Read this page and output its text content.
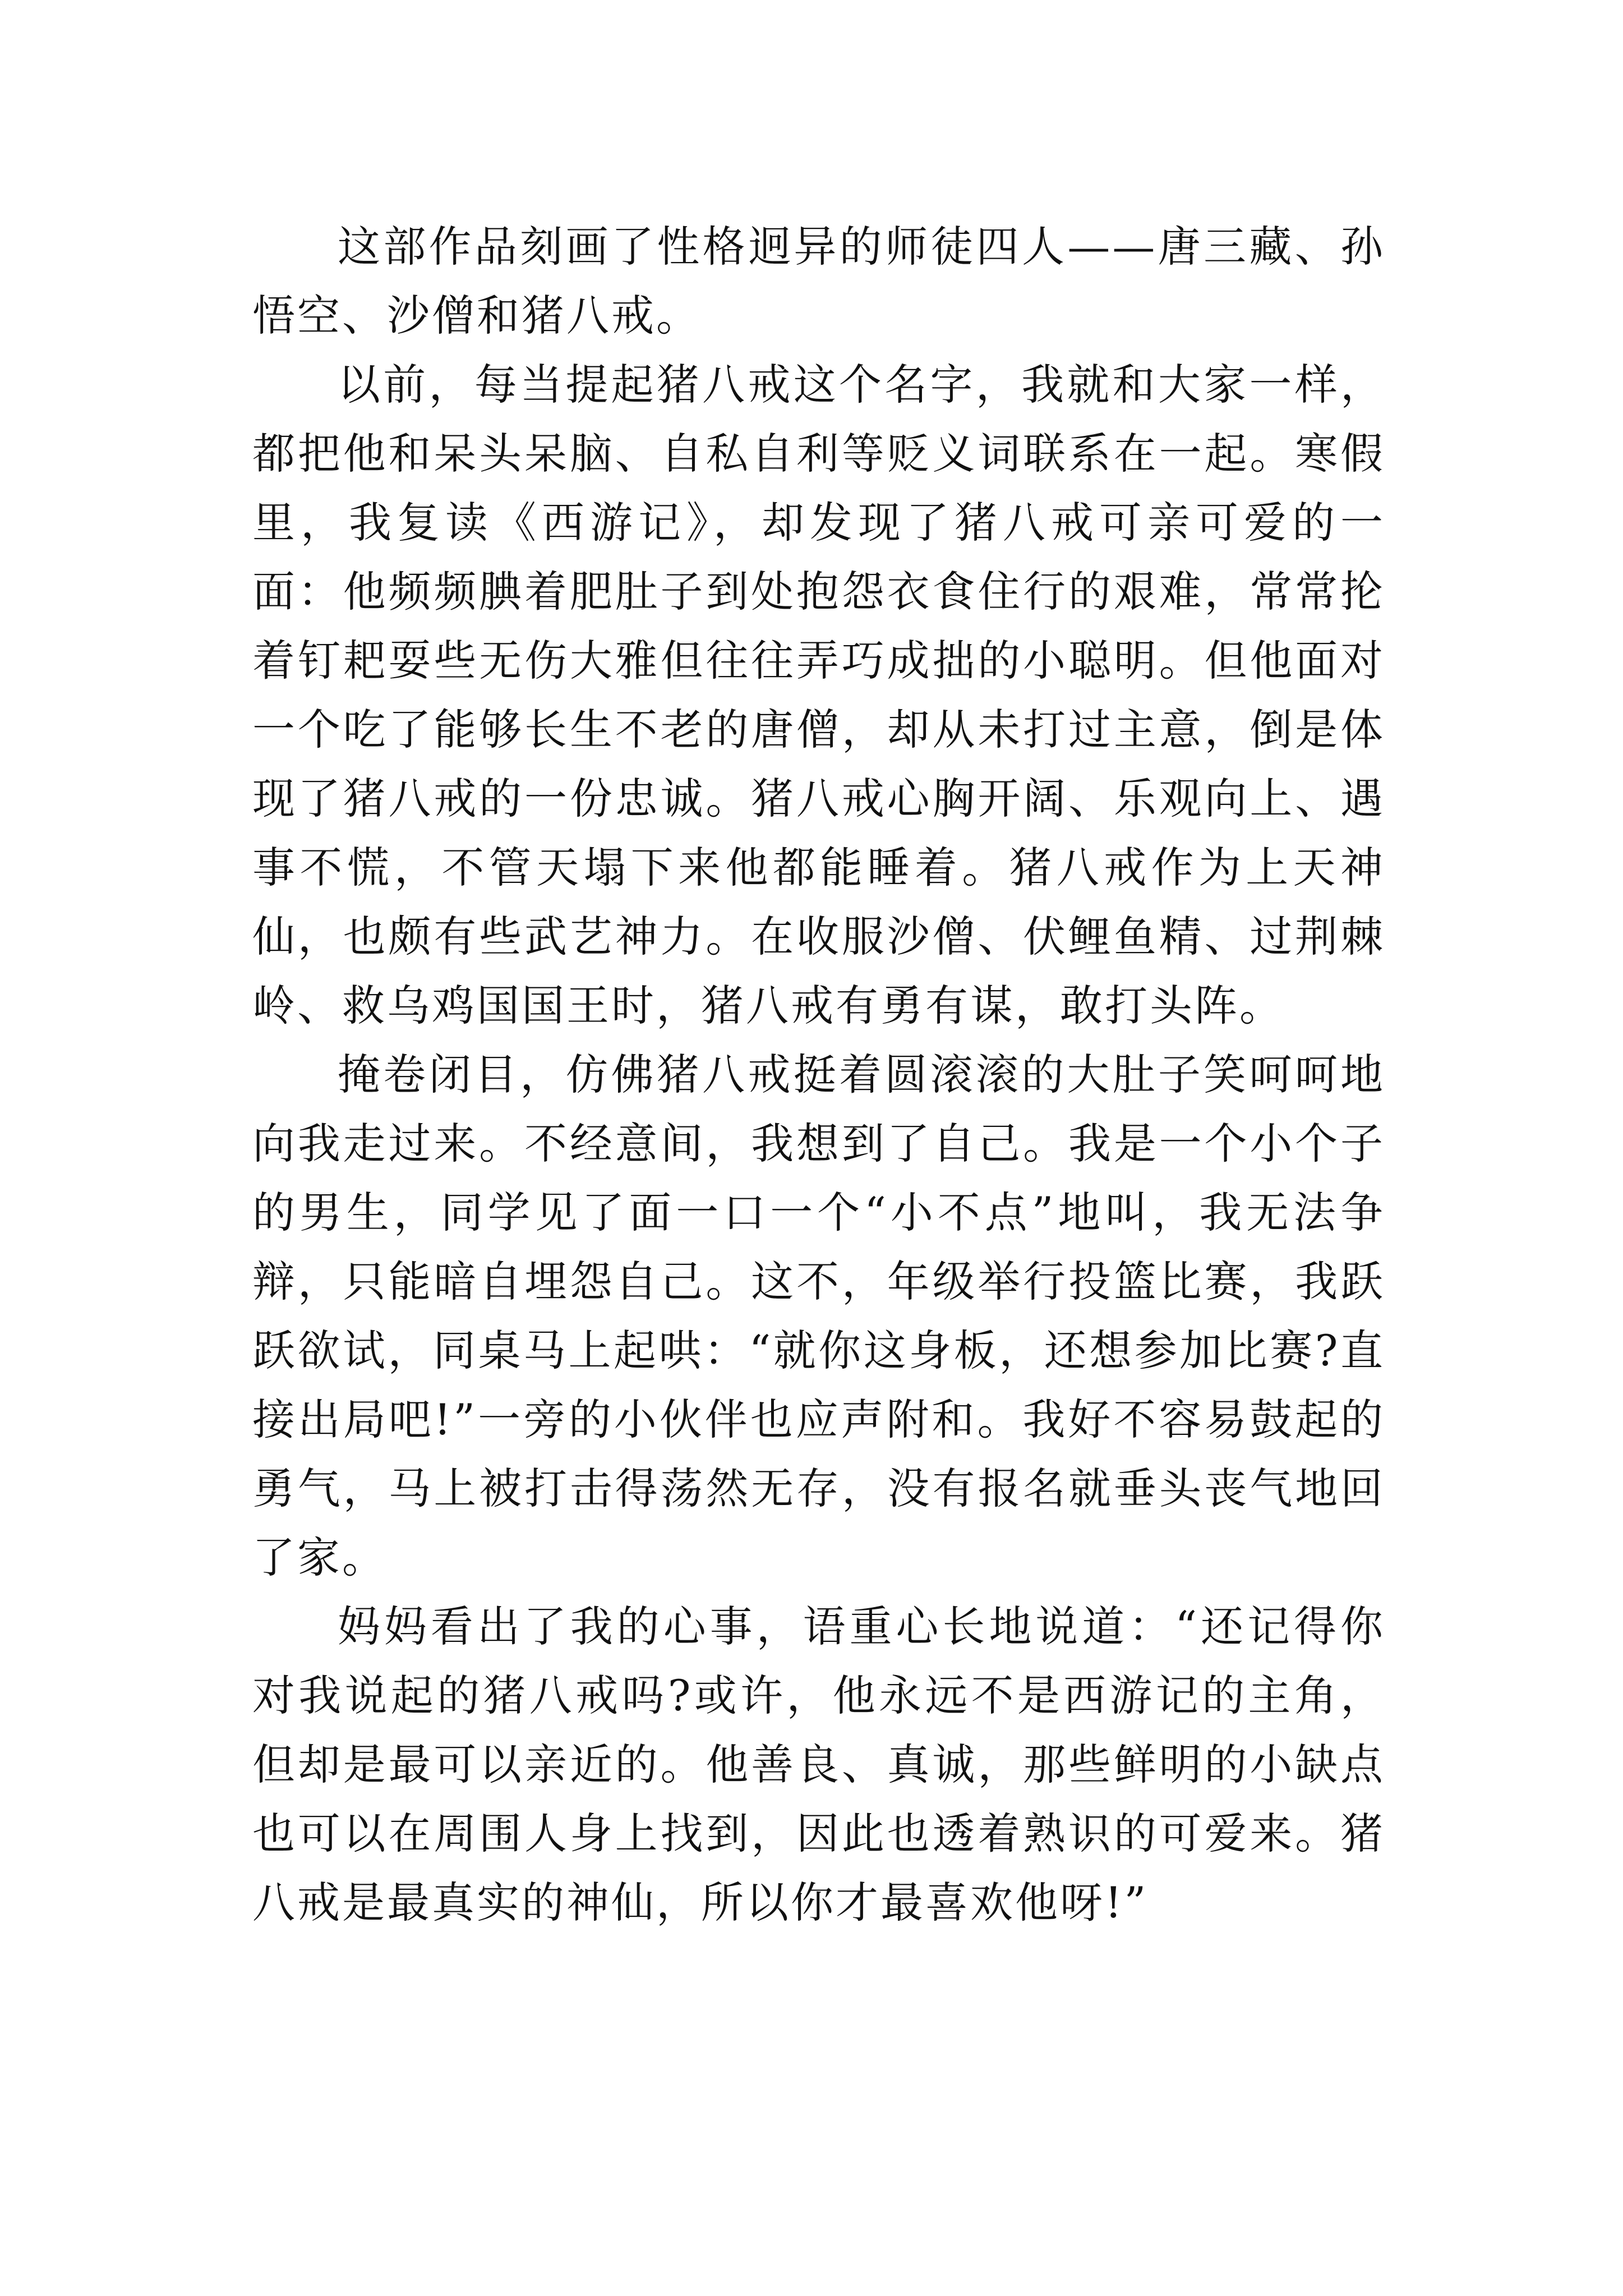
这部作品刻画了性格迥异的师徒四人——唐三藏、孙悟空、沙僧和猪八戒。

以前，每当提起猪八戒这个名字，我就和大家一样，都把他和呆头呆脑、自私自利等贬义词联系在一起。寒假里，我复读《西游记》，却发现了猪八戒可亲可爱的一面：他频频腆着肥肚子到处抱怨衣食住行的艰难，常常抡着钉耙耍些无伤大雅但往往弄巧成拙的小聪明。但他面对一个吃了能够长生不老的唐僧，却从未打过主意，倒是体现了猪八戒的一份忠诚。猪八戒心胸开阔、乐观向上、遇事不慌，不管天塌下来他都能睡着。猪八戒作为上天神仙，也颇有些武艺神力。在收服沙僧、伏鲤鱼精、过荆棘岭、救乌鸡国国王时，猪八戒有勇有谋，敢打头阵。

掩卷闭目，仿佛猪八戒挺着圆滚滚的大肚子笑呵呵地向我走过来。不经意间，我想到了自己。我是一个小个子的男生，同学见了面一口一个“小不点”地叫，我无法争辩，只能暗自埋怨自己。这不，年级举行投篮比赛，我跃跃欲试，同桌马上起哄：“就你这身板，还想参加比赛?直接出局吧!”一旁的小伙伴也应声附和。我好不容易鼓起的勇气，马上被打击得荡然无存，没有报名就垂头丧气地回了家。

妈妈看出了我的心事，语重心长地说道：“还记得你对我说起的猪八戒吗?或许，他永远不是西游记的主角，但却是最可以亲近的。他善良、真诚，那些鲜明的小缺点也可以在周围人身上找到，因此也透着熟识的可爱来。猪八戒是最真实的神仙，所以你才最喜欢他呀!”
